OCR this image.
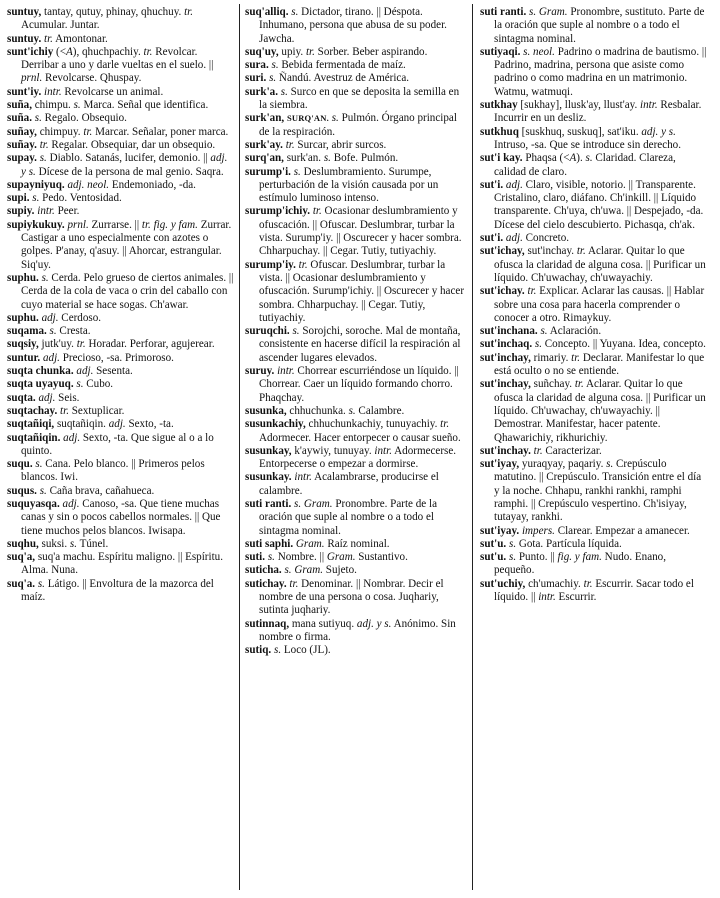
suntuy, tantay, qutuy, phinay, qhuchuy. tr. Acumular. Juntar.

suntuy. tr. Amontonar.

sunt'ichiy (<A), qhuchpachiy. tr. Revolcar. Derribar a uno y darle vueltas en el suelo. || prnl. Revolcarse. Qhuspay.

sunt'iy. intr. Revolcarse un animal.

suña, chimpu. s. Marca. Señal que identifica.

suña. s. Regalo. Obsequio.

suñay, chimpuy. tr. Marcar. Señalar, poner marca.

suñay. tr. Regalar. Obsequiar, dar un obsequio.

supay. s. Diablo. Satanás, lucifer, demonio. || adj. y s. Dícese de la persona de mal genio. Saqra.

supayniyuq. adj. neol. Endemoniado, -da.

supi. s. Pedo. Ventosidad.

supiy. intr. Peer.

supiykukuy. prnl. Zurrarse. || tr. fig. y fam. Zurrar. Castigar a uno especialmente con azotes o golpes. P'anay, q'asuy. || Ahorcar, estrangular. Siq'uy.

suphu. s. Cerda. Pelo grueso de ciertos animales. || Cerda de la cola de vaca o crin del caballo con cuyo material se hace sogas. Ch'awar.

suphu. adj. Cerdoso.

suqama. s. Cresta.

suqsiy, jutk'uy. tr. Horadar. Perforar, agujerear.

suntur. adj. Precioso, -sa. Primoroso.

suqta chunka. adj. Sesenta.

suqta uyayuq. s. Cubo.

suqta. adj. Seis.

suqtachay. tr. Sextuplicar.

suqtañiqi, suqtañiqin. adj. Sexto, -ta.

suqtañiqin. adj. Sexto, -ta. Que sigue al o a lo quinto.

suqu. s. Cana. Pelo blanco. || Primeros pelos blancos. Iwi.

suqus. s. Caña brava, cañahueca.

suquyasqa. adj. Canoso, -sa. Que tiene muchas canas y sin o pocos cabellos normales. || Que tiene muchos pelos blancos. Iwisapa.

suqhu, suksi. s. Túnel.

suq'a, suq'a machu. Espíritu maligno. || Espíritu. Alma. Nuna.

suq'a. s. Látigo. || Envoltura de la mazorca del maíz.

suq'alliq. s. Dictador, tirano. || Déspota. Inhumano, persona que abusa de su poder. Jawcha.

suq'uy, upiy. tr. Sorber. Beber aspirando.

sura. s. Bebida fermentada de maíz.

suri. s. Ñandú. Avestruz de América.

surk'a. s. Surco en que se deposita la semilla en la siembra.

surk'an, SURQ'AN. s. Pulmón. Órgano principal de la respiración.

surk'ay. tr. Surcar, abrir surcos.

surq'an, surk'an. s. Bofe. Pulmón.

surump'i. s. Deslumbramiento. Surumpe, perturbación de la visión causada por un estímulo luminoso intenso.

surump'ichiy. tr. Ocasionar deslumbramiento y ofuscación. || Ofuscar. Deslumbrar, turbar la vista. Surump'iy. || Oscurecer y hacer sombra. Chharpuchay. || Cegar. Tutiy, tutiyachiy.

surump'iy. tr. Ofuscar. Deslumbrar, turbar la vista. || Ocasionar deslumbramiento y ofuscación. Surump'ichiy. || Oscurecer y hacer sombra. Chharpuchay. || Cegar. Tutiy, tutiyachiy.

suruqchi. s. Sorojchi, soroche. Mal de montaña, consistente en hacerse difícil la respiración al ascender lugares elevados.

suruy. intr. Chorrear escurriéndose un líquido. || Chorrear. Caer un líquido formando chorro. Phaqchay.

susunka, chhuchunka. s. Calambre.

susunkachiy, chhuchunkachiy, tunuyachiy. tr. Adormecer. Hacer entorpecer o causar sueño.

susunkay, k'aywiy, tunuyay. intr. Adormecerse. Entorpecerse o empezar a dormirse.

susunkay. intr. Acalambrarse, producirse el calambre.

suti ranti. s. Gram. Pronombre. Parte de la oración que suple al nombre o a todo el sintagma nominal.

suti saphi. Gram. Raíz nominal.

suti. s. Nombre. || Gram. Sustantivo.

suticha. s. Gram. Sujeto.

sutichay. tr. Denominar. || Nombrar. Decir el nombre de una persona o cosa. Juqhariy, sutinta juqhariy.

sutinnaq, mana sutiyuq. adj. y s. Anónimo. Sin nombre o firma.

sutiq. s. Loco (JL).

suti ranti. s. Gram. Pronombre, sustituto. Parte de la oración que suple al nombre o a todo el sintagma nominal.

sutiyaqi. s. neol. Padrino o madrina de bautismo. || Padrino, madrina, persona que asiste como padrino o como madrina en un matrimonio. Watmu, watmuqi.

sutkhay [sukhay], llusk'ay, llust'ay. intr. Resbalar. Incurrir en un desliz.

sutkhuq [suskhuq, suskuq], sat'iku. adj. y s. Intruso, -sa. Que se introduce sin derecho.

sut'i kay. Phaqsa (<A). s. Claridad. Clareza, calidad de claro.

sut'i. adj. Claro, visible, notorio. || Transparente. Cristalino, claro, diáfano. Ch'inkill. || Líquido transparente. Ch'uya, ch'uwa. || Despejado, -da. Dícese del cielo descubierto. Pichasqa, ch'ak.

sut'i. adj. Concreto.

sut'ichay, sut'inchay. tr. Aclarar. Quitar lo que ofusca la claridad de alguna cosa. || Purificar un líquido. Ch'uwachay, ch'uwayachiy.

sut'ichay. tr. Explicar. Aclarar las causas. || Hablar sobre una cosa para hacerla comprender o conocer a otro. Rimaykuy.

sut'inchana. s. Aclaración.

sut'inchaq. s. Concepto. || Yuyana. Idea, concepto.

sut'inchay, rimariy. tr. Declarar. Manifestar lo que está oculto o no se entiende.

sut'inchay, suñchay. tr. Aclarar. Quitar lo que ofusca la claridad de alguna cosa. || Purificar un líquido. Ch'uwachay, ch'uwayachiy. || Demostrar. Manifestar, hacer patente. Qhawarichiy, rikhurichiy.

sut'inchay. tr. Caracterizar.

sut'iyay, yuraqyay, paqariy. s. Crepúsculo matutino. || Crepúsculo. Transición entre el día y la noche. Chhapu, rankhi rankhi, ramphi ramphi. || Crepúsculo vespertino. Ch'isiyay, tutayay, rankhi.

sut'iyay. impers. Clarear. Empezar a amanecer.

sut'u. s. Gota. Partícula líquida.

sut'u. s. Punto. || fig. y fam. Nudo. Enano, pequeño.

sut'uchiy, ch'umachiy. tr. Escurrir. Sacar todo el líquido. || intr. Escurrir.
